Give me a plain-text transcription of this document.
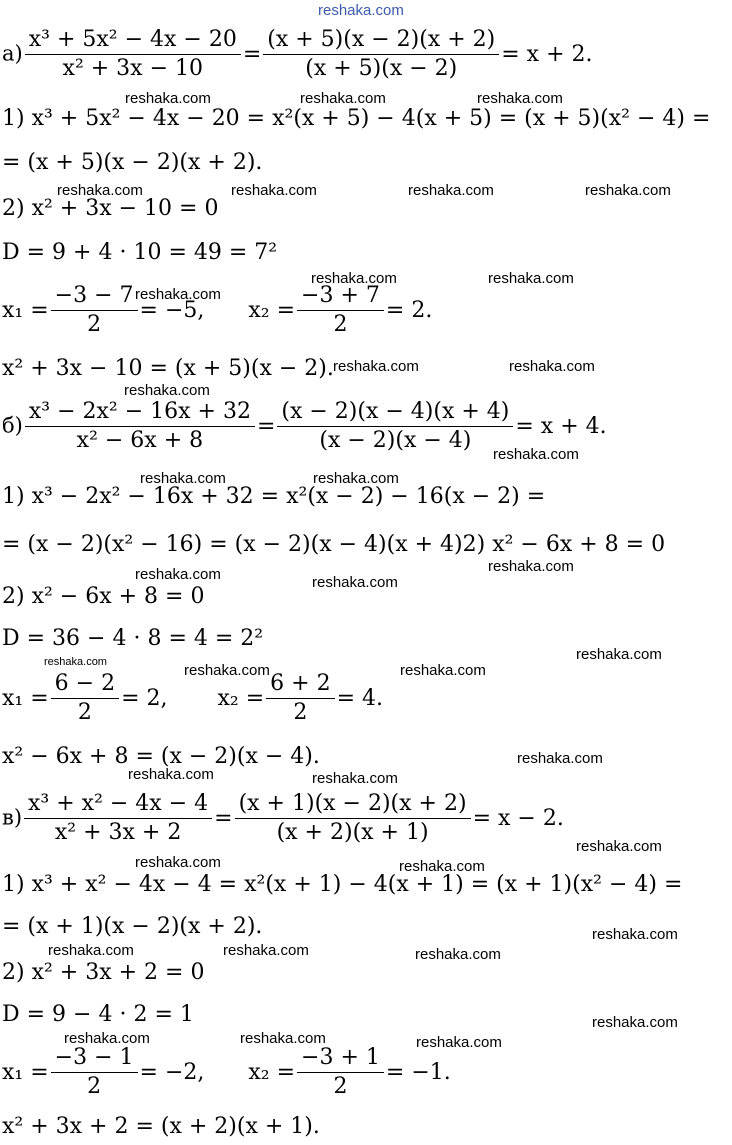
reshaka.com
$а) \frac{\text{x³ + 5x² − 4x − 20}}{\text{x² + 3x − 10}} = \frac{(x + 5)(x - 2)(x + 2)}{(x + 5)(x - 2)} = x + 2$.
1) x³ + 5x² − 4x − 20 = x²(x + 5) − 4(x + 5) = (x + 5)(x² − 4) =
= (x + 5)(x − 2)(x + 2).
2) x² + 3x − 10 = 0
D = 9 + 4 · 10 = 49 = 7²
$x_1 = \frac{-3 - 7}{2} = -5$, $x_2 = \frac{-3 + 7}{2} = 2$.
x² + 3x − 10 = (x + 5)(x − 2).
$б) \frac{\text{x³ − 2x² − 16x + 32}}{\text{x² − 6x + 8}} = \frac{(x - 2)(x - 4)(x + 4)}{(x - 2)(x - 4)} = x + 4$.
1) x³ − 2x² − 16x + 32 = x²(x − 2) − 16(x − 2) =
= (x − 2)(x² − 16) = (x − 2)(x − 4)(x + 4)2) x² − 6x + 8 = 0
2) x² − 6x + 8 = 0
D = 36 − 4 · 8 = 4 = 2²
$x_1 = \frac{6 - 2}{2} = 2$, $x_2 = \frac{6 + 2}{2} = 4$.
x² − 6x + 8 = (x − 2)(x − 4).
$в) \frac{\text{x³ + x² − 4x − 4}}{\text{x² + 3x + 2}} = \frac{(x + 1)(x - 2)(x + 2)}{(x + 2)(x + 1)} = x - 2$.
1) x³ + x² − 4x − 4 = x²(x + 1) − 4(x + 1) = (x + 1)(x² − 4) =
= (x + 1)(x − 2)(x + 2).
2) x² + 3x + 2 = 0
D = 9 − 4 · 2 = 1
$x_1 = \frac{-3 - 1}{2} = -2$, $x_2 = \frac{-3 + 1}{2} = -1$.
x² + 3x + 2 = (x + 2)(x + 1).
reshaka.com	reshaka.com	reshaka.com
reshaka.com	reshaka.com	reshaka.com	reshaka.com
reshaka.com	reshaka.com
reshaka.com
reshaka.com	reshaka.com
reshaka.com
reshaka.com
reshaka.com	reshaka.com
reshaka.com
reshaka.com	reshaka.com
reshaka.com
reshaka.com	reshaka.com	reshaka.com
reshaka.com
reshaka.com	reshaka.com
reshaka.com
reshaka.com	reshaka.com
reshaka.com
reshaka.com	reshaka.com	reshaka.com
reshaka.com
reshaka.com	reshaka.com	reshaka.com
